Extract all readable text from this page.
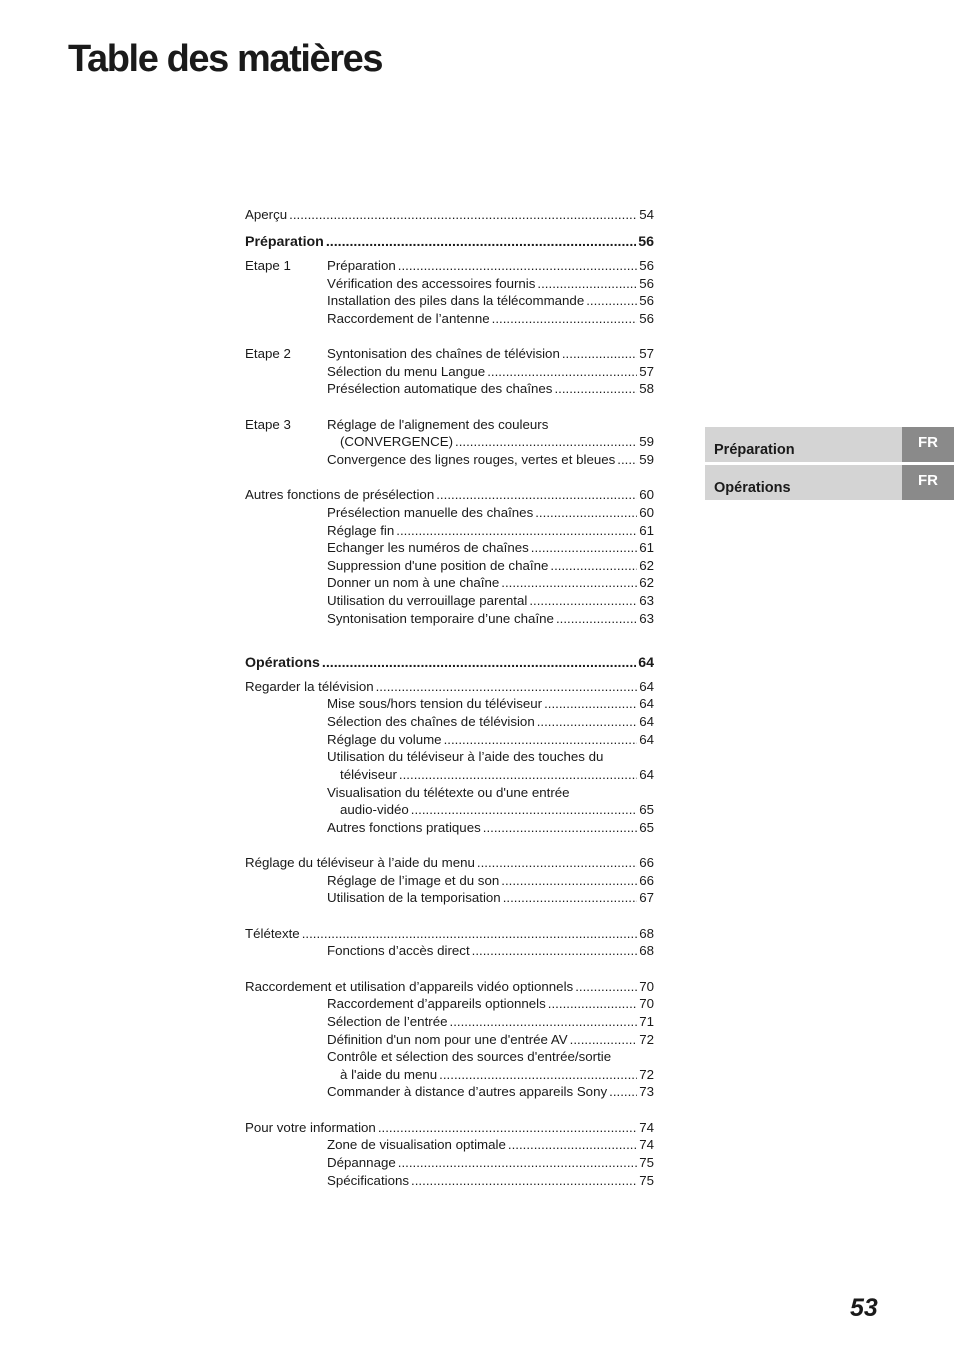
Table des matières
Aperçu .....	54
Préparation .....	56
Etape 1	Préparation .....	56
Vérification des accessoires fournis .....	56
Installation des piles dans la télécommande .....	56
Raccordement de l’antenne .....	56
Etape 2	Syntonisation des chaînes de télévision .....	57
Sélection du menu Langue .....	57
Présélection automatique des chaînes .....	58
Etape 3	Réglage de l'alignement des couleurs
(CONVERGENCE) .....	59
Convergence des lignes rouges, vertes et bleues ..... 59
Autres fonctions de présélection .....	60
Présélection manuelle des chaînes .....	60
Réglage fin .....	61
Echanger les numéros de chaînes .....	61
Suppression d'une position de chaîne .....	62
Donner un nom à une chaîne .....	62
Utilisation du verrouillage parental .....	63
Syntonisation temporaire d’une chaîne .....	63
Opérations .....	64
Regarder la télévision .....	64
Mise sous/hors tension du téléviseur .....	64
Sélection des chaînes de télévision .....	64
Réglage du volume .....	64
Utilisation du téléviseur à l’aide des touches du
téléviseur .....	64
Visualisation du télétexte ou d'une entrée
audio-vidéo .....	65
Autres fonctions pratiques .....	65
Réglage du téléviseur à l’aide du menu .....	66
Réglage de l’image et du son .....	66
Utilisation de la temporisation .....	67
Télétexte .....	68
Fonctions d’accès direct .....	68
Raccordement et utilisation d’appareils vidéo optionnels .....	70
Raccordement d’appareils optionnels .....	70
Sélection de l’entrée .....	71
Définition d'un nom pour une d'entrée AV .....	72
Contrôle et sélection des sources d'entrée/sortie
à l'aide du menu .....	72
Commander à distance d’autres appareils Sony ..... 73
Pour votre information .....	74
Zone de visualisation optimale .....	74
Dépannage .....	75
Spécifications .....	75
Préparation	FR
Opérations	FR
53
